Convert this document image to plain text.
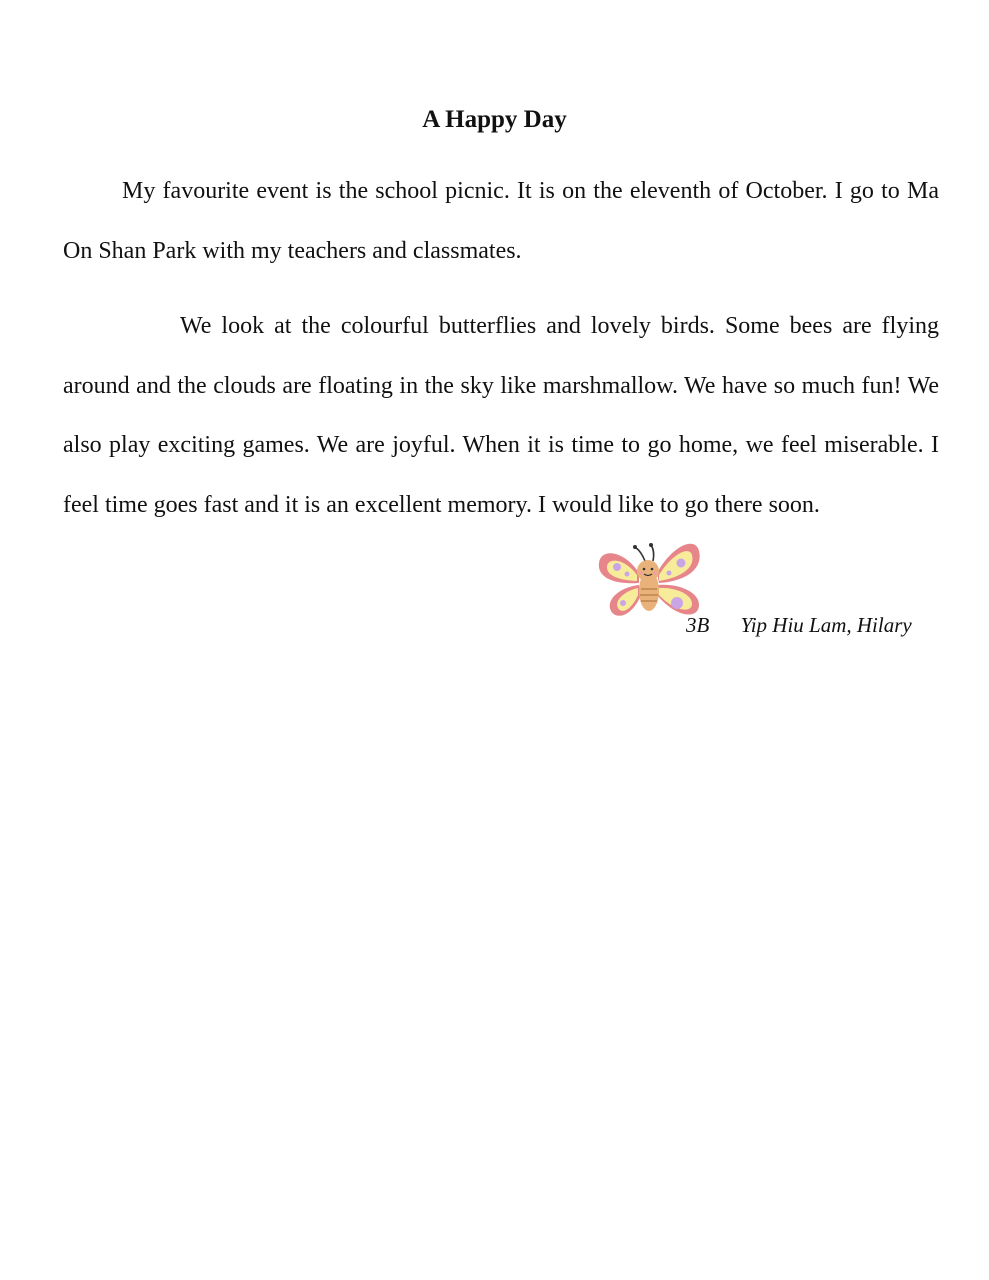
A Happy Day

My favourite event is the school picnic. It is on the eleventh of October. I go to Ma On Shan Park with my teachers and classmates.

We look at the colourful butterflies and lovely birds. Some bees are flying around and the clouds are floating in the sky like marshmallow. We have so much fun! We also play exciting games. We are joyful. When it is time to go home, we feel miserable. I feel time goes fast and it is an excellent memory. I would like to go there soon.

3B Yip Hiu Lam, Hilary
